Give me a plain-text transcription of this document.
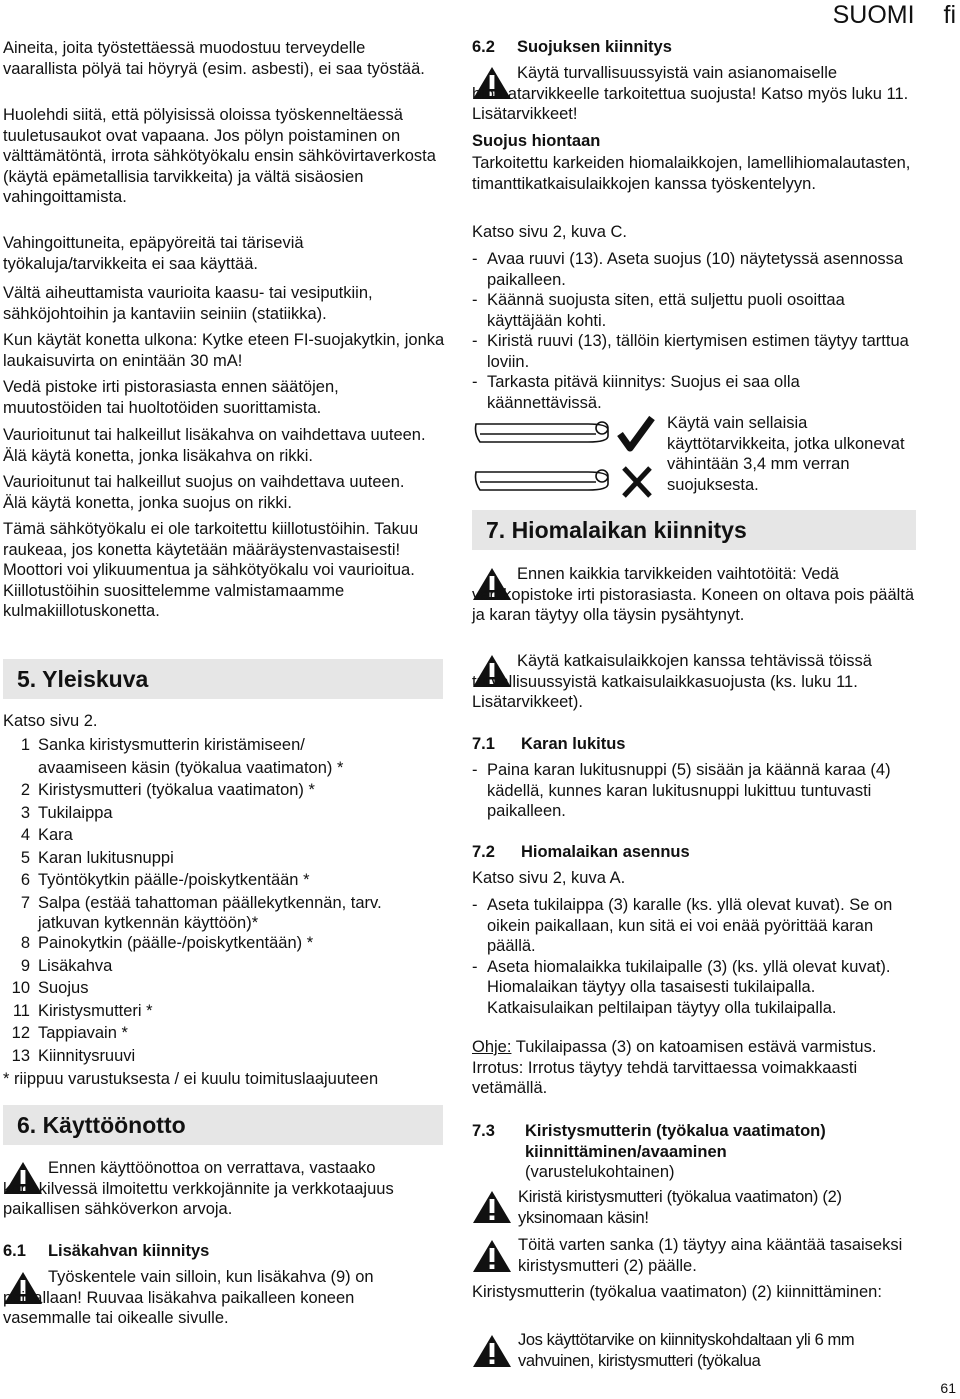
SUOMI fi

Aineita, joita työstettäessä muodostuu terveydelle vaarallista pölyä tai höyryä (esim. asbesti), ei saa työstää.

Huolehdi siitä, että pölyisissä oloissa työskenneltäessä tuuletusaukot ovat vapaana. Jos pölyn poistaminen on välttämätöntä, irrota sähkötyökalu ensin sähkövirtaverkosta (käytä epämetallisia tarvikkeita) ja vältä sisäosien vahingoittamista.

Vahingoittuneita, epäpyöreitä tai täriseviä työkaluja/tarvikkeita ei saa käyttää.

Vältä aiheuttamista vaurioita kaasu- tai vesiputkiin, sähköjohtoihin ja kantaviin seiniin (statiikka).

Kun käytät konetta ulkona: Kytke eteen FI-suojakytkin, jonka laukaisuvirta on enintään 30 mA!

Vedä pistoke irti pistorasiasta ennen säätöjen, muutostöiden tai huoltotöiden suorittamista.

Vaurioitunut tai halkeillut lisäkahva on vaihdettava uuteen. Älä käytä konetta, jonka lisäkahva on rikki.

Vaurioitunut tai halkeillut suojus on vaihdettava uuteen. Älä käytä konetta, jonka suojus on rikki.

Tämä sähkötyökalu ei ole tarkoitettu kiillotustöihin. Takuu raukeaa, jos konetta käytetään määräystenvastaisesti! Moottori voi ylikuumentua ja sähkötyökalu voi vaurioitua. Kiillotustöihin suosittelemme valmistamaamme kulmakiillotuskonetta.

5. Yleiskuva

Katso sivu 2.

1 Sanka kiristysmutterin kiristämiseen/
avaamiseen käsin (työkalua vaatimaton) *
2 Kiristysmutteri (työkalua vaatimaton) *
3 Tukilaippa
4 Kara
5 Karan lukitusnuppi
6 Työntökytkin päälle-/poiskytkentään *
7 Salpa (estää tahattoman päällekytkennän, tarv.
jatkuvan kytkennän käyttöön)*
8 Painokytkin (päälle-/poiskytkentään) *
9 Lisäkahva
10 Suojus
11 Kiristysmutteri *
12 Tappiavain *
13 Kiinnitysruuvi

* riippuu varustuksesta / ei kuulu toimituslaajuuteen

6. Käyttöönotto

Ennen käyttöönottoa on verrattava, vastaako konekilvessä ilmoitettu verkkojännite ja verkkotaajuus paikallisen sähköverkon arvoja.

6.1 Lisäkahvan kiinnitys

Työskentele vain silloin, kun lisäkahva (9) on paikallaan! Ruuvaa lisäkahva paikalleen koneen vasemmalle tai oikealle sivulle.

6.2 Suojuksen kiinnitys

Käytä turvallisuussyistä vain asianomaiselle hiomatarvikkeelle tarkoitettua suojusta! Katso myös luku 11. Lisätarvikkeet!

Suojus hiontaan

Tarkoitettu karkeiden hiomalaikkojen, lamellihiomalautasten, timanttikatkaisulaikkojen kanssa työskentelyyn.

Katso sivu 2, kuva C.

- Avaa ruuvi (13). Aseta suojus (10) näytetyssä asennossa paikalleen.
- Käännä suojusta siten, että suljettu puoli osoittaa käyttäjään kohti.
- Kiristä ruuvi (13), tällöin kiertymisen estimen täytyy tarttua loviin.
- Tarkasta pitävä kiinnitys: Suojus ei saa olla käännettävissä.

Käytä vain sellaisia käyttötarvikkeita, jotka ulkonevat vähintään 3,4 mm verran suojuksesta.

7. Hiomalaikan kiinnitys

Ennen kaikkia tarvikkeiden vaihtotöitä: Vedä verkkopistoke irti pistorasiasta. Koneen on oltava pois päältä ja karan täytyy olla täysin pysähtynyt.

Käytä katkaisulaikkojen kanssa tehtävissä töissä turvallisuussyistä katkaisulaikkasuojusta (ks. luku 11. Lisätarvikkeet).

7.1 Karan lukitus
- Paina karan lukitusnuppi (5) sisään ja käännä karaa (4) kädellä, kunnes karan lukitusnuppi lukittuu tuntuvasti paikalleen.
7.2 Hiomalaikan asennus

Katso sivu 2, kuva A.

- Aseta tukilaippa (3) karalle (ks. yllä olevat kuvat). Se on oikein paikallaan, kun sitä ei voi enää pyörittää karan päällä.
- Aseta hiomalaikka tukilaipalle (3) (ks. yllä olevat kuvat).
Hiomalaikan täytyy olla tasaisesti tukilaipalla.
Katkaisulaikan peltilaipan täytyy olla tukilaipalla.

Ohje: Tukilaipassa (3) on katoamisen estävä varmistus. Irrotus: Irrotus täytyy tehdä tarvittaessa voimakkaasti vetämällä.

7.3 Kiristysmutterin (työkalua vaatimaton)
kiinnittäminen/avaaminen
(varustelukohtainen)

Kiristä kiristysmutteri (työkalua vaatimaton) (2) yksinomaan käsin!

Töitä varten sanka (1) täytyy aina kääntää tasaiseksi kiristysmutteri (2) päälle.

Kiristysmutterin (työkalua vaatimaton) (2) kiinnittäminen:

Jos käyttötarvike on kiinnityskohdaltaan yli 6 mm vahvuinen, kiristysmutteri (työkalua

61
